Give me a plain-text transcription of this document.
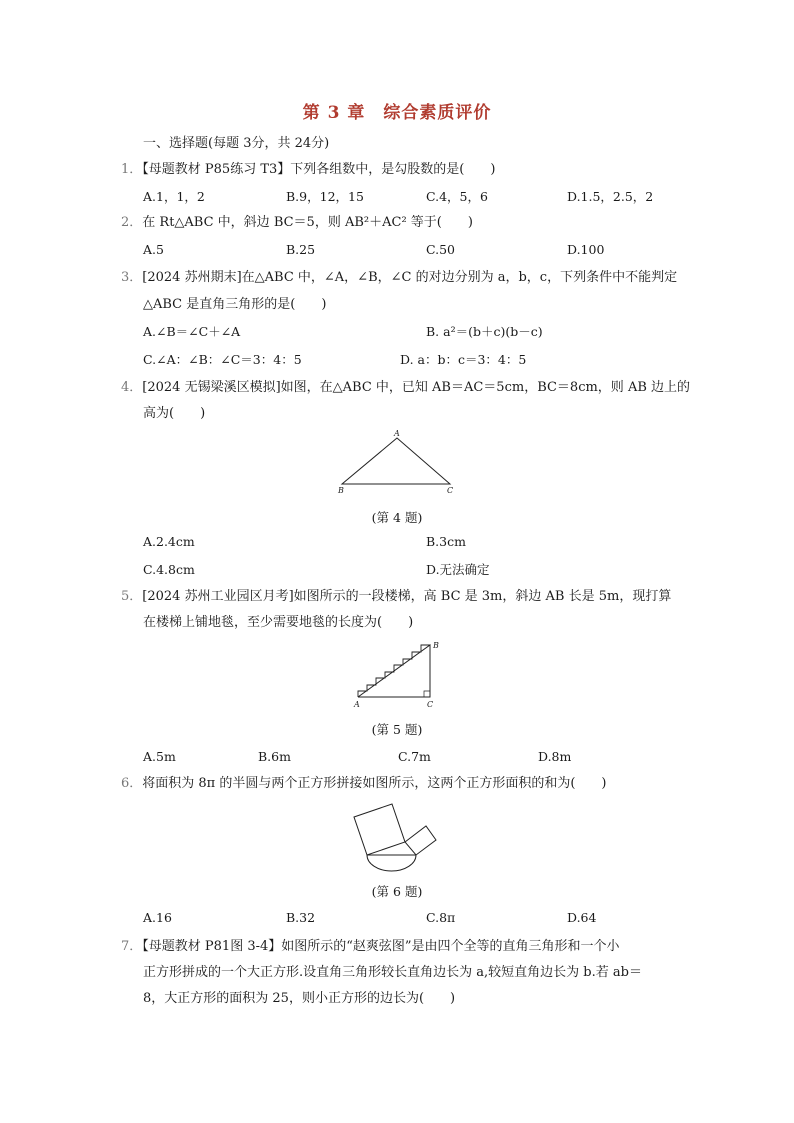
第 3 章　综合素质评价
一、选择题(每题 3分，共 24分)
1．【母题教材 P85练习 T3】下列各组数中，是勾股数的是(　　)
A.1，1，2	B.9，12，15	C.4，5，6	D.1.5，2.5，2
2．在 Rt△ABC 中，斜边 BC＝5，则 AB²＋AC² 等于(　　)
A.5	B.25	C.50	D.100
3．[2024 苏州期末]在△ABC 中，∠A，∠B，∠C 的对边分别为 a，b，c，下列条件中不能判定
△ABC 是直角三角形的是(　　)
A.∠B＝∠C＋∠A	B. a²＝(b＋c)(b－c)
C.∠A：∠B：∠C＝3：4：5	D. a：b：c＝3：4：5
4．[2024 无锡梁溪区模拟]如图，在△ABC 中，已知 AB＝AC＝5cm，BC＝8cm，则 AB 边上的
高为(　　)
A
B	C
(第 4 题)
A.2.4cm	B.3cm
C.4.8cm	D.无法确定
5．[2024 苏州工业园区月考]如图所示的一段楼梯，高 BC 是 3m，斜边 AB 长是 5m，现打算
在楼梯上铺地毯，至少需要地毯的长度为(　　)
B
A	C
(第 5 题)
A.5m	B.6m	C.7m	D.8m
6．将面积为 8π 的半圆与两个正方形拼接如图所示，这两个正方形面积的和为(　　)
(第 6 题)
A.16	B.32	C.8π	D.64
7．【母题教材 P81图 3-4】如图所示的“赵爽弦图”是由四个全等的直角三角形和一个小
正方形拼成的一个大正方形.设直角三角形较长直角边长为 a,较短直角边长为 b.若 ab＝
8，大正方形的面积为 25，则小正方形的边长为(　　)
